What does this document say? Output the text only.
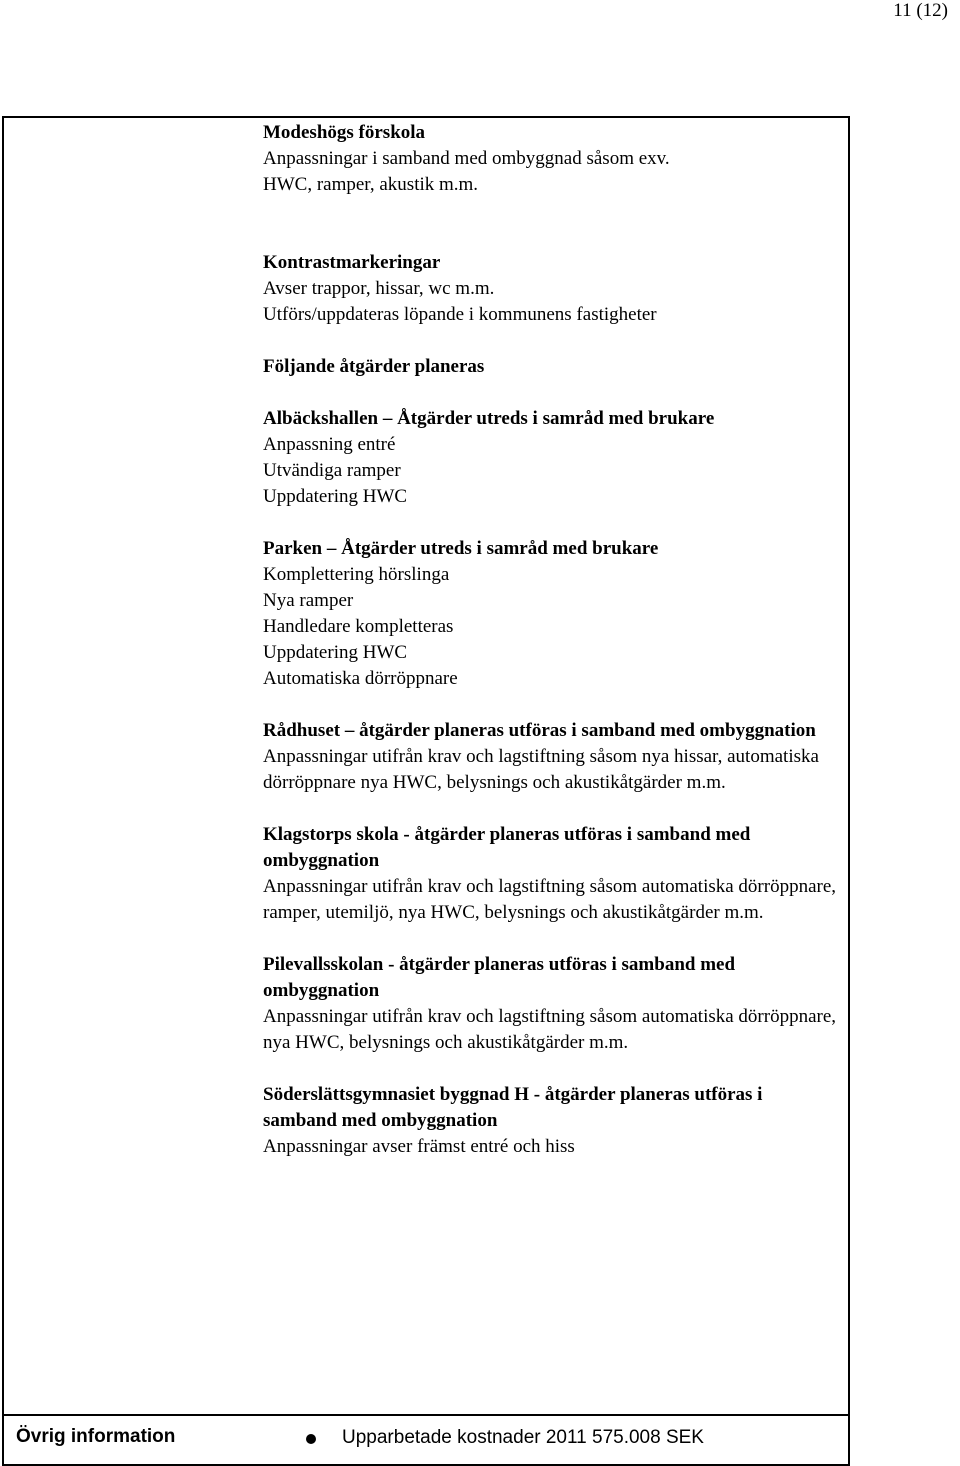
11 (12)

Modeshögs förskola

Anpassningar i samband med ombyggnad såsom exv.

HWC, ramper, akustik m.m.

Kontrastmarkeringar

Avser trappor, hissar, wc m.m.

Utförs/uppdateras löpande i kommunens fastigheter

Följande åtgärder planeras

Albäckshallen – Åtgärder utreds i samråd med brukare

Anpassning entré

Utvändiga ramper

Uppdatering HWC

Parken – Åtgärder utreds i samråd med brukare

Komplettering hörslinga

Nya ramper

Handledare kompletteras

Uppdatering HWC

Automatiska dörröppnare

Rådhuset – åtgärder planeras utföras i samband med ombyggnation

Anpassningar utifrån krav och lagstiftning såsom nya hissar, automatiska dörröppnare nya HWC, belysnings och akustikåtgärder m.m.

Klagstorps skola - åtgärder planeras utföras i samband med ombyggnation

Anpassningar utifrån krav och lagstiftning såsom automatiska dörröppnare, ramper, utemiljö, nya HWC, belysnings och akustikåtgärder m.m.

Pilevallsskolan - åtgärder planeras utföras i samband med ombyggnation

Anpassningar utifrån krav och lagstiftning såsom automatiska dörröppnare, nya HWC, belysnings och akustikåtgärder m.m.

Söderslättsgymnasiet byggnad H - åtgärder planeras utföras i samband med ombyggnation

Anpassningar avser främst entré och hiss

Övrig information	Upparbetade kostnader 2011 575.008 SEK
